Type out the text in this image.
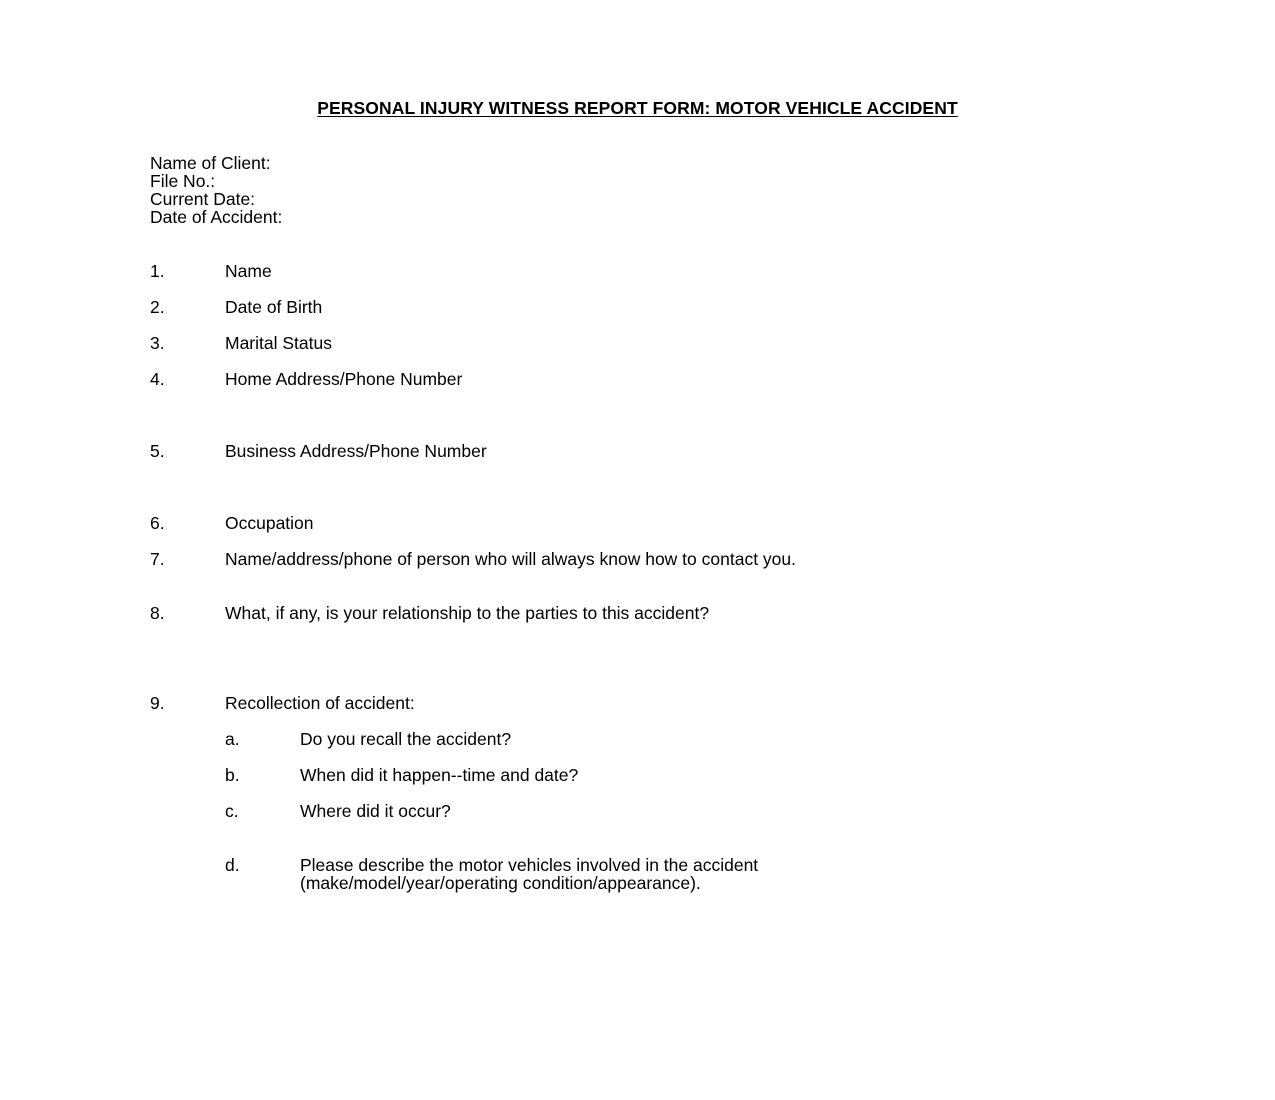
PERSONAL INJURY WITNESS REPORT FORM: MOTOR VEHICLE ACCIDENT
Name of Client:
File No.:
Current Date:
Date of Accident:
1.	Name
2.	Date of Birth
3.	Marital Status
4.	Home Address/Phone Number
5.	Business Address/Phone Number
6.	Occupation
7.	Name/address/phone of person who will always know how to contact you.
8.	What, if any, is your relationship to the parties to this accident?
9.	Recollection of accident:
a.	Do you recall the accident?
b.	When did it happen--time and date?
c.	Where did it occur?
d.	Please describe the motor vehicles involved in the accident
(make/model/year/operating condition/appearance).
